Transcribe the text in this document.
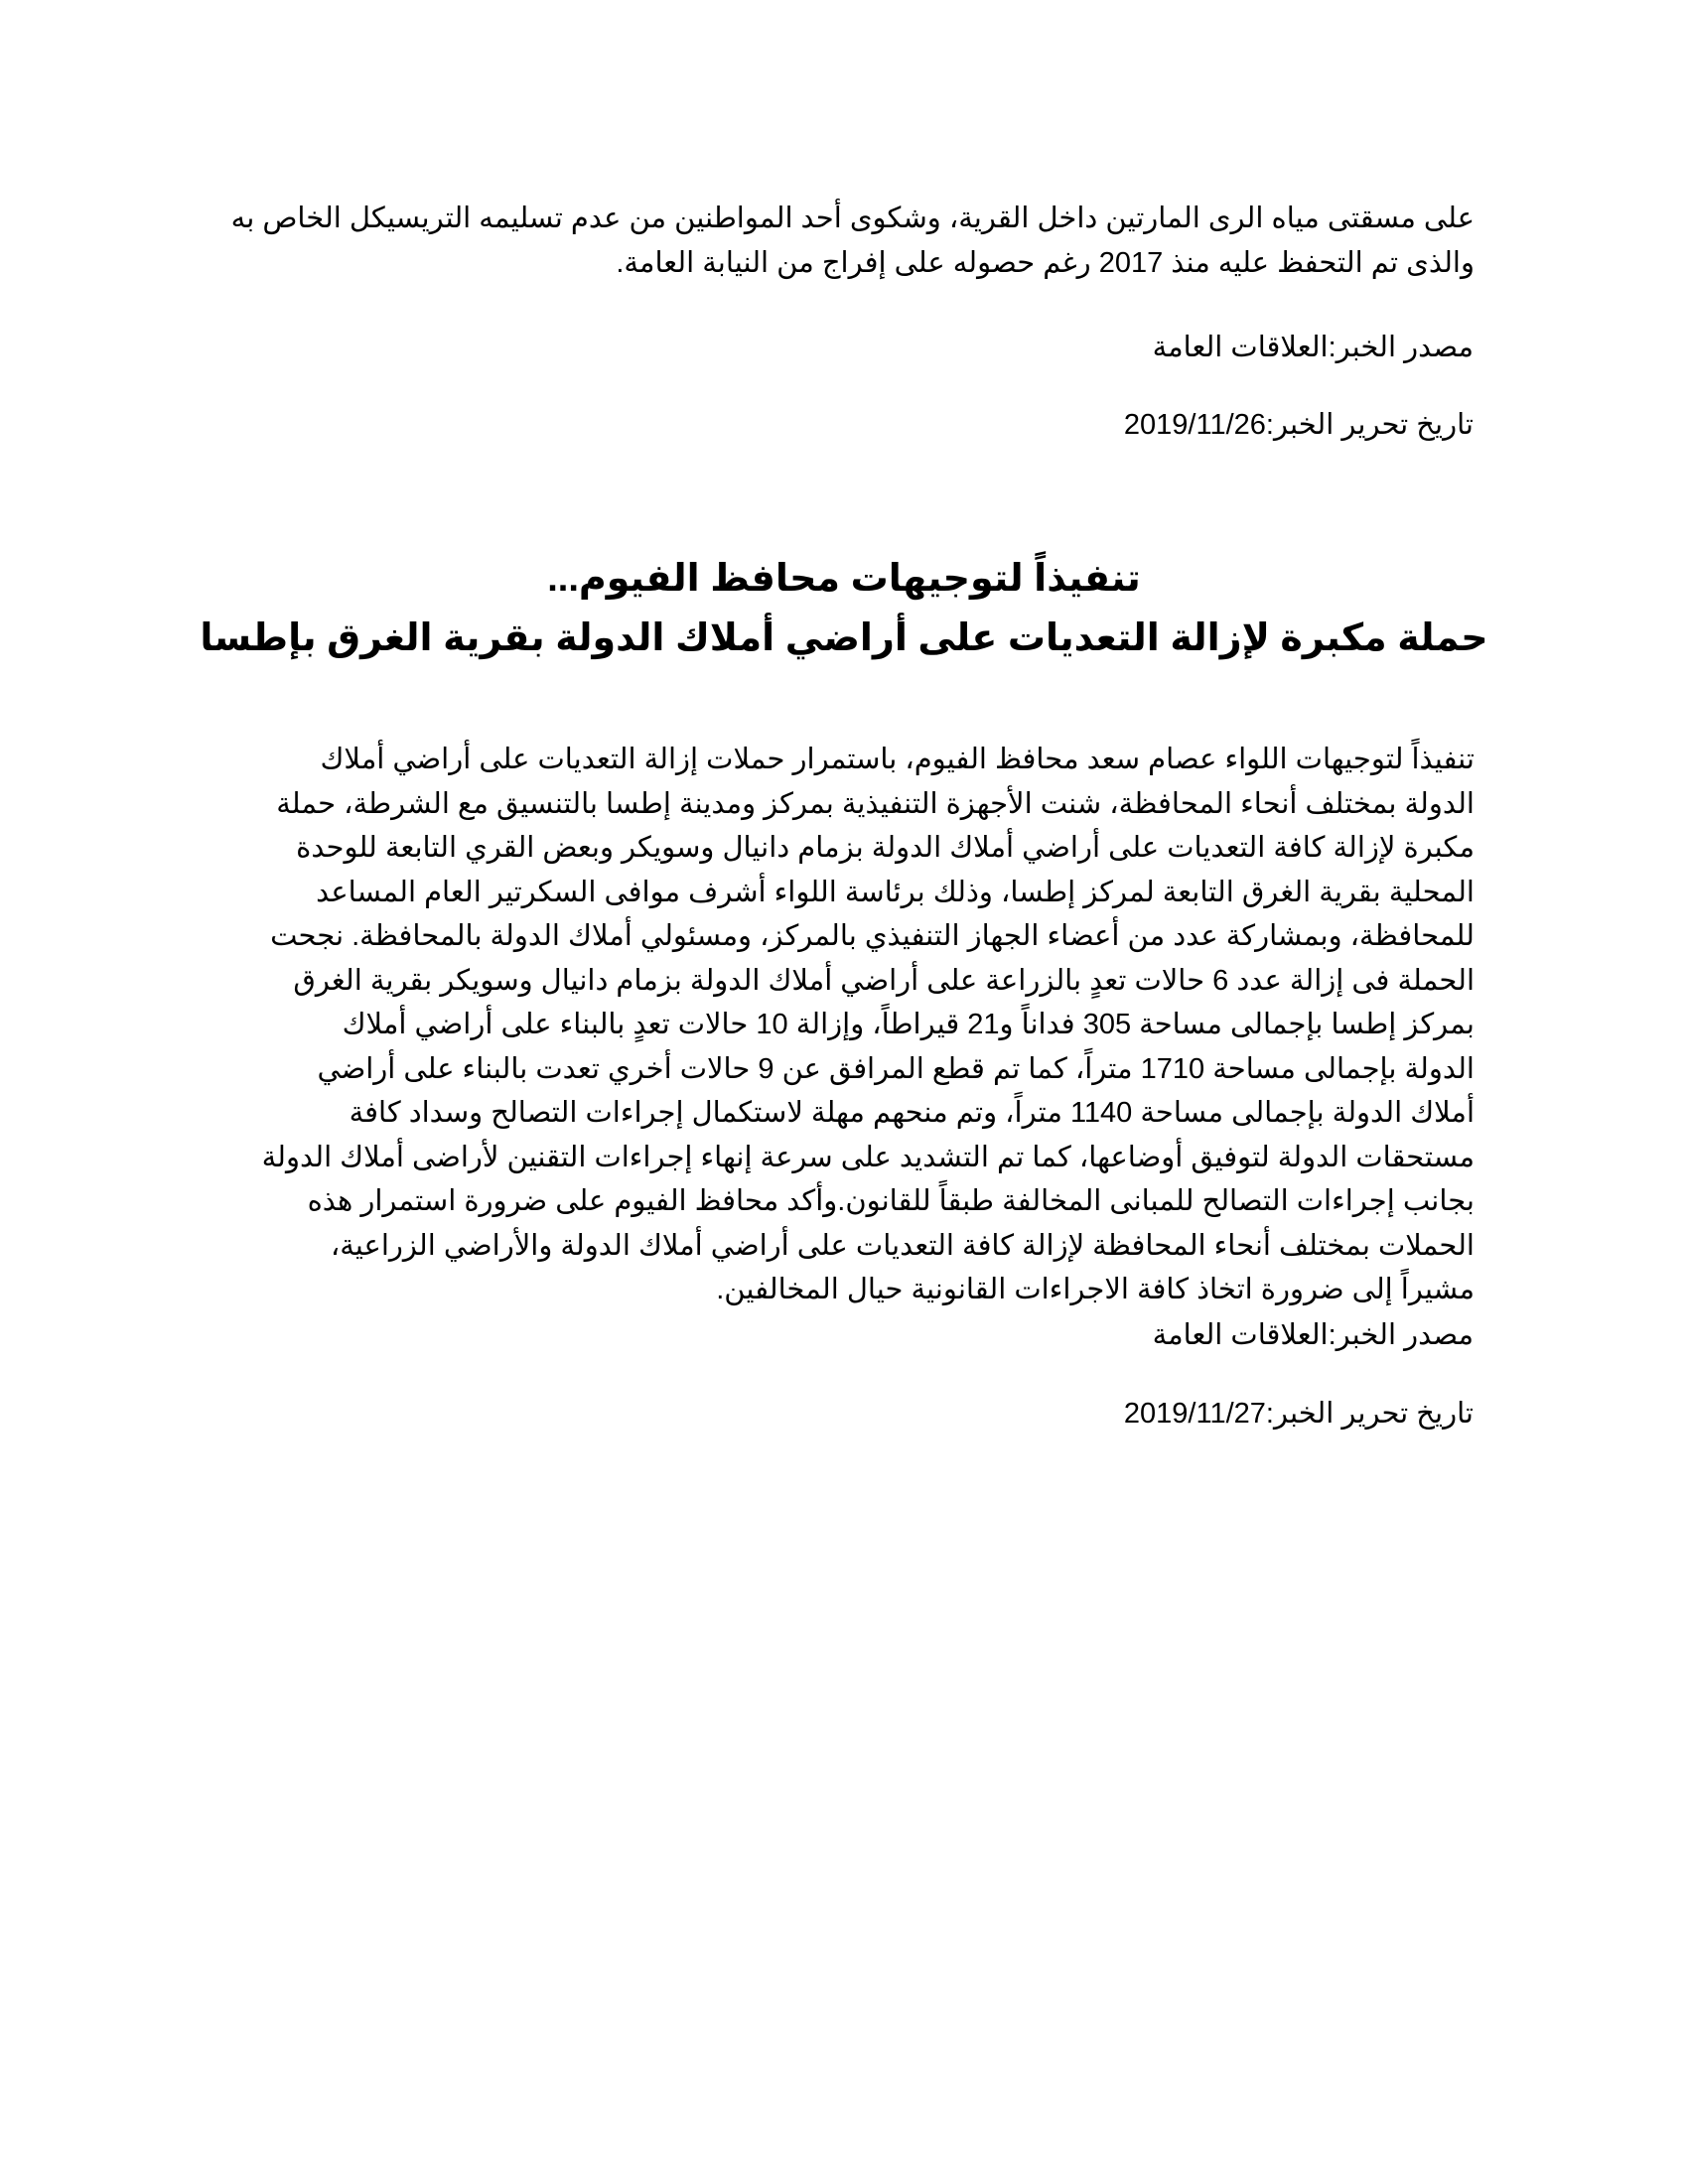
على مسقتى مياه الرى المارتين داخل القرية، وشكوى أحد المواطنين من عدم تسليمه التريسيكل الخاص به
والذى تم التحفظ عليه منذ 2017 رغم حصوله على إفراج من النيابة العامة.
مصدر الخبر:العلاقات العامة
تاريخ تحرير الخبر:2019/11/26
تنفيذاً لتوجيهات محافظ الفيوم...
حملة مكبرة لإزالة التعديات على أراضي أملاك الدولة بقرية الغرق بإطسا
تنفيذاً لتوجيهات اللواء عصام سعد محافظ الفيوم، باستمرار حملات إزالة التعديات على أراضي أملاك
الدولة بمختلف أنحاء المحافظة، شنت الأجهزة التنفيذية بمركز ومدينة إطسا بالتنسيق مع الشرطة، حملة
مكبرة لإزالة كافة التعديات على أراضي أملاك الدولة بزمام دانيال وسويكر وبعض القري التابعة للوحدة
المحلية بقرية الغرق التابعة لمركز إطسا، وذلك برئاسة اللواء أشرف موافى السكرتير العام المساعد
للمحافظة، وبمشاركة عدد من أعضاء الجهاز التنفيذي بالمركز، ومسئولي أملاك الدولة بالمحافظة. نجحت
الحملة فى إزالة عدد 6 حالات تعدٍ بالزراعة على أراضي أملاك الدولة بزمام دانيال وسويكر بقرية الغرق
بمركز إطسا بإجمالى مساحة 305 فداناً و21 قيراطاً، وإزالة 10 حالات تعدٍ بالبناء على أراضي أملاك
الدولة بإجمالى مساحة 1710 متراً، كما تم قطع المرافق عن 9 حالات أخري تعدت بالبناء على أراضي
أملاك الدولة بإجمالى مساحة 1140 متراً، وتم منحهم مهلة لاستكمال إجراءات التصالح وسداد كافة
مستحقات الدولة لتوفيق أوضاعها، كما تم التشديد على سرعة إنهاء إجراءات التقنين لأراضى أملاك الدولة
بجانب إجراءات التصالح للمبانى المخالفة طبقاً للقانون.وأكد محافظ الفيوم على ضرورة استمرار هذه
الحملات بمختلف أنحاء المحافظة لإزالة كافة التعديات على أراضي أملاك الدولة والأراضي الزراعية،
مشيراً إلى ضرورة اتخاذ كافة الاجراءات القانونية حيال المخالفين.
مصدر الخبر:العلاقات العامة
تاريخ تحرير الخبر:2019/11/27
